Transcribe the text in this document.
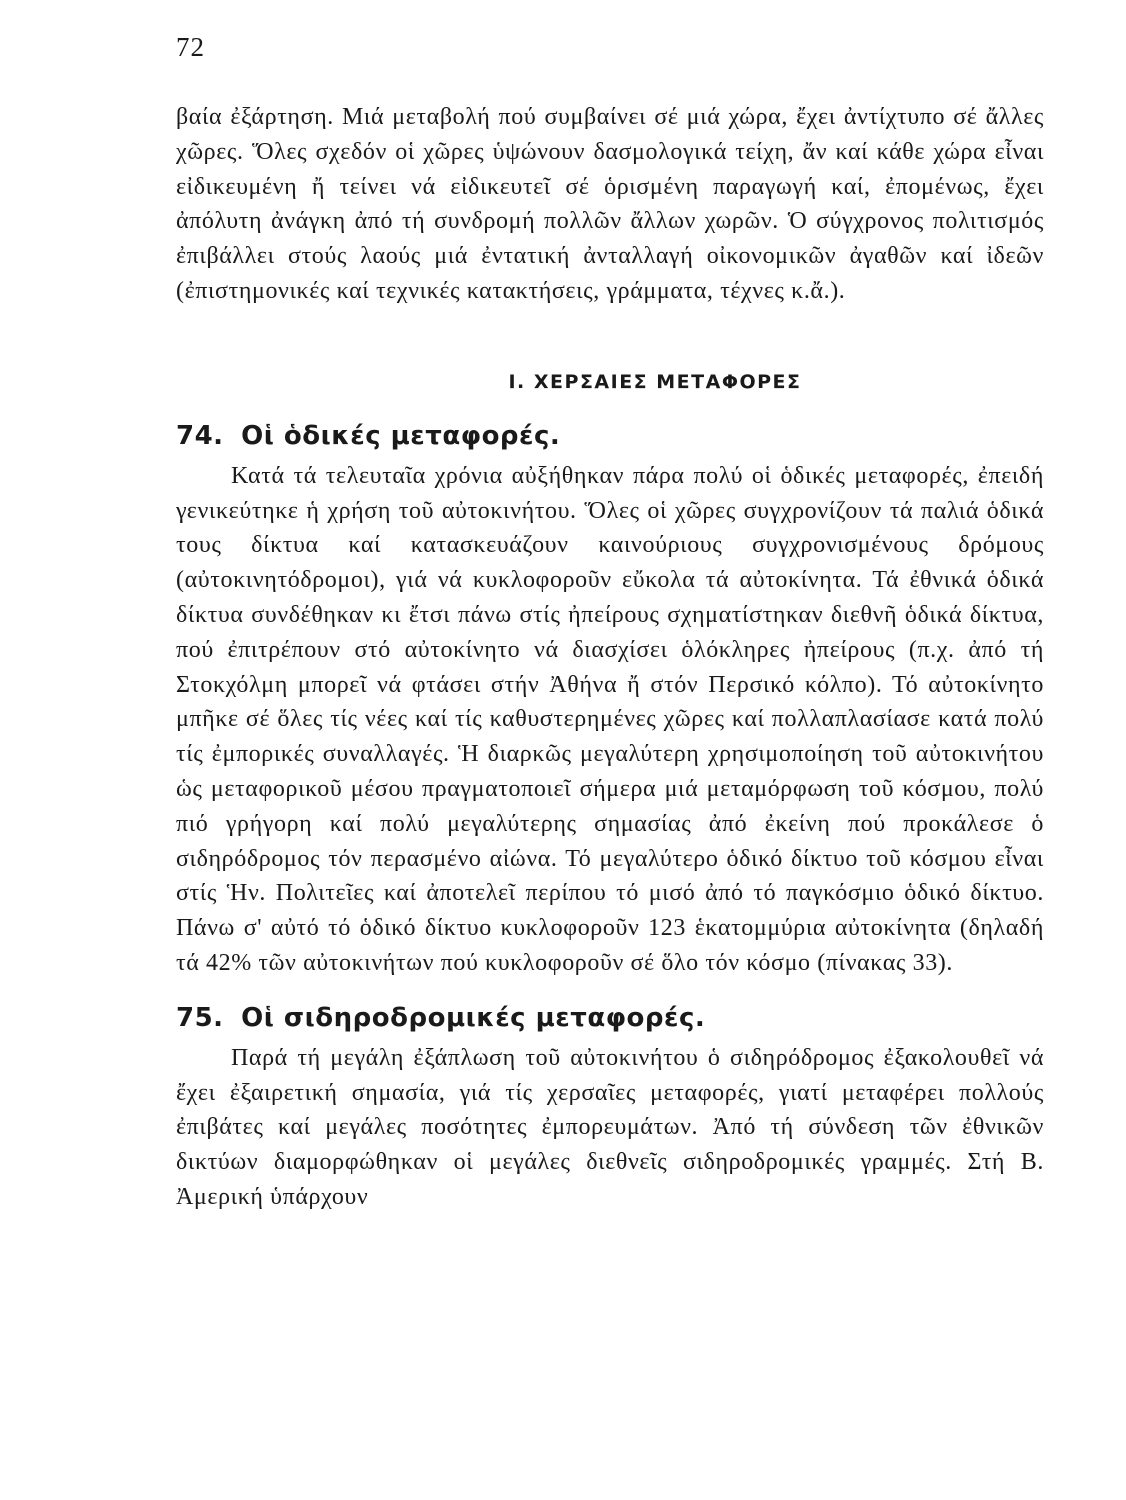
72

βαία ἐξάρτηση. Μιά μεταβολή πού συμβαίνει σέ μιά χώρα, ἔχει ἀντίχτυπο σέ ἄλλες χῶρες. Ὅλες σχεδόν οἱ χῶρες ὑψώνουν δασμολογικά τείχη, ἄν καί κάθε χώρα εἶναι εἰδικευμένη ἤ τείνει νά εἰδικευτεῖ σέ ὁρισμένη παραγωγή καί, ἐπομένως, ἔχει ἀπόλυτη ἀνάγκη ἀπό τή συνδρομή πολλῶν ἄλλων χωρῶν. Ὁ σύγχρονος πολιτισμός ἐπιβάλλει στούς λαούς μιά ἐντατική ἀνταλλαγή οἰκονομικῶν ἀγαθῶν καί ἰδεῶν (ἐπιστημονικές καί τεχνικές κατακτήσεις, γράμματα, τέχνες κ.ἄ.).

Ι. ΧΕΡΣΑΙΕΣ ΜΕΤΑΦΟΡΕΣ
74. Οἱ ὁδικές μεταφορές.

Κατά τά τελευταῖα χρόνια αὐξήθηκαν πάρα πολύ οἱ ὁδικές μεταφορές, ἐπειδή γενικεύτηκε ἡ χρήση τοῦ αὐτοκινήτου. Ὅλες οἱ χῶρες συγχρονίζουν τά παλιά ὁδικά τους δίκτυα καί κατασκευάζουν καινούριους συγχρονισμένους δρόμους (αὐτοκινητόδρομοι), γιά νά κυκλοφοροῦν εὔκολα τά αὐτοκίνητα. Τά ἐθνικά ὁδικά δίκτυα συνδέθηκαν κι ἔτσι πάνω στίς ἠπείρους σχηματίστηκαν διεθνῆ ὁδικά δίκτυα, πού ἐπιτρέπουν στό αὐτοκίνητο νά διασχίσει ὁλόκληρες ἠπείρους (π.χ. ἀπό τή Στοκχόλμη μπορεῖ νά φτάσει στήν Ἀθήνα ἤ στόν Περσικό κόλπο). Τό αὐτοκίνητο μπῆκε σέ ὅλες τίς νέες καί τίς καθυστερημένες χῶρες καί πολλαπλασίασε κατά πολύ τίς ἐμπορικές συναλλαγές. Ἡ διαρκῶς μεγαλύτερη χρησιμοποίηση τοῦ αὐτοκινήτου ὡς μεταφορικοῦ μέσου πραγματοποιεῖ σήμερα μιά μεταμόρφωση τοῦ κόσμου, πολύ πιό γρήγορη καί πολύ μεγαλύτερης σημασίας ἀπό ἐκείνη πού προκάλεσε ὁ σιδηρόδρομος τόν περασμένο αἰώνα. Τό μεγαλύτερο ὁδικό δίκτυο τοῦ κόσμου εἶναι στίς Ἡν. Πολιτεῖες καί ἀποτελεῖ περίπου τό μισό ἀπό τό παγκόσμιο ὁδικό δίκτυο. Πάνω σ' αὐτό τό ὁδικό δίκτυο κυκλοφοροῦν 123 ἑκατομμύρια αὐτοκίνητα (δηλαδή τά 42% τῶν αὐτοκινήτων πού κυκλοφοροῦν σέ ὅλο τόν κόσμο (πίνακας 33).

75. Οἱ σιδηροδρομικές μεταφορές.

Παρά τή μεγάλη ἐξάπλωση τοῦ αὐτοκινήτου ὁ σιδηρόδρομος ἐξακολουθεῖ νά ἔχει ἐξαιρετική σημασία, γιά τίς χερσαῖες μεταφορές, γιατί μεταφέρει πολλούς ἐπιβάτες καί μεγάλες ποσότητες ἐμπορευμάτων. Ἀπό τή σύνδεση τῶν ἐθνικῶν δικτύων διαμορφώθηκαν οἱ μεγάλες διεθνεῖς σιδηροδρομικές γραμμές. Στή Β. Ἀμερική ὑπάρχουν
